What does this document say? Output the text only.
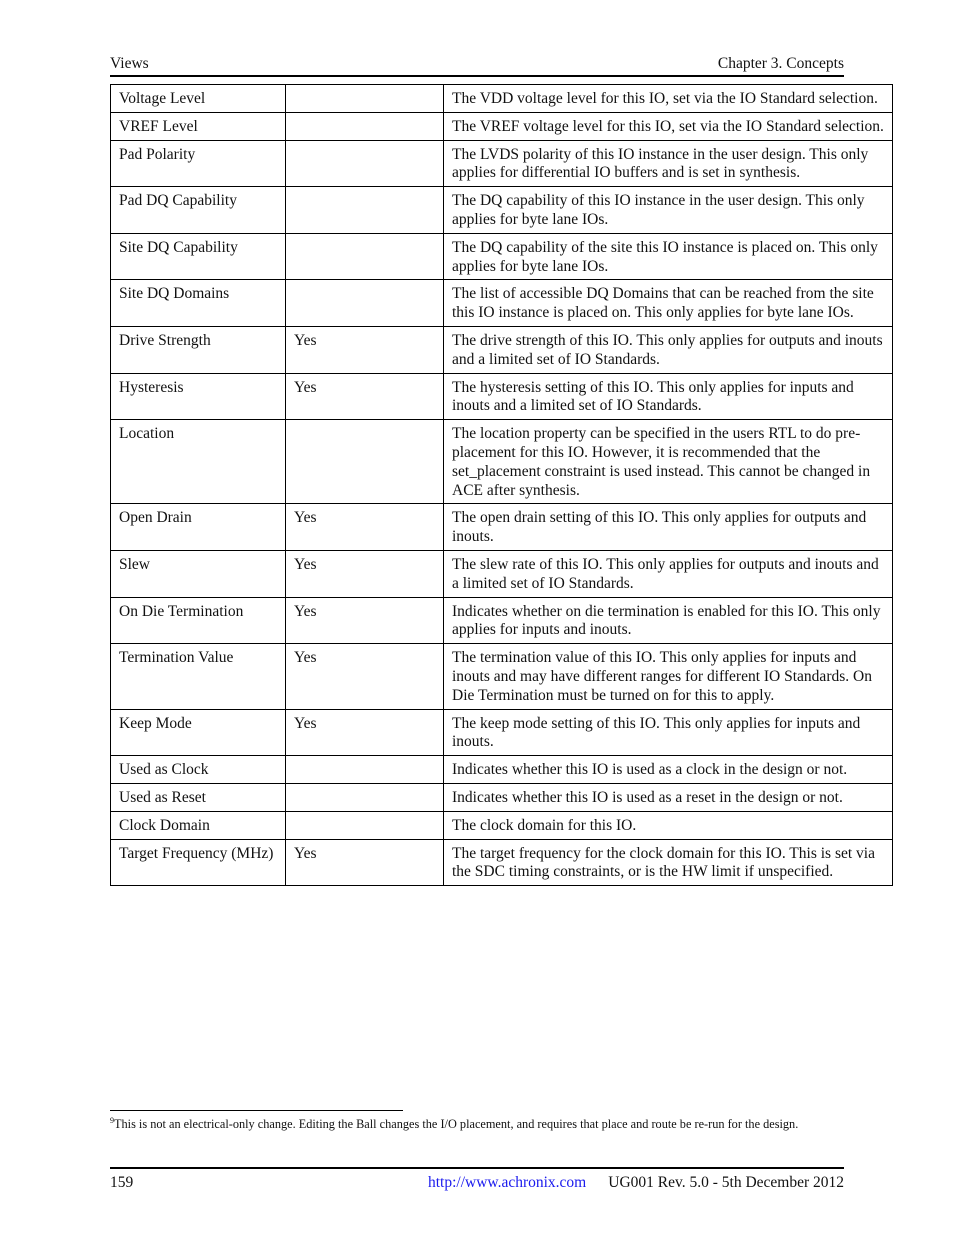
Views	Chapter 3. Concepts
Voltage Level		The VDD voltage level for this IO, set via the IO Standard selection.
VREF Level		The VREF voltage level for this IO, set via the IO Standard selection.
Pad Polarity		The LVDS polarity of this IO instance in the user design. This only applies for differential IO buffers and is set in synthesis.
Pad DQ Capability		The DQ capability of this IO instance in the user design. This only applies for byte lane IOs.
Site DQ Capability		The DQ capability of the site this IO instance is placed on. This only applies for byte lane IOs.
Site DQ Domains		The list of accessible DQ Domains that can be reached from the site this IO instance is placed on. This only applies for byte lane IOs.
Drive Strength	Yes	The drive strength of this IO. This only applies for outputs and inouts and a limited set of IO Standards.
Hysteresis	Yes	The hysteresis setting of this IO. This only applies for inputs and inouts and a limited set of IO Standards.
Location		The location property can be specified in the users RTL to do pre-placement for this IO. However, it is recommended that the set_placement constraint is used instead. This cannot be changed in ACE after synthesis.
Open Drain	Yes	The open drain setting of this IO. This only applies for outputs and inouts.
Slew	Yes	The slew rate of this IO. This only applies for outputs and inouts and a limited set of IO Standards.
On Die Termination	Yes	Indicates whether on die termination is enabled for this IO. This only applies for inputs and inouts.
Termination Value	Yes	The termination value of this IO. This only applies for inputs and inouts and may have different ranges for different IO Standards. On Die Termination must be turned on for this to apply.
Keep Mode	Yes	The keep mode setting of this IO. This only applies for inputs and inouts.
Used as Clock		Indicates whether this IO is used as a clock in the design or not.
Used as Reset		Indicates whether this IO is used as a reset in the design or not.
Clock Domain		The clock domain for this IO.
Target Frequency (MHz)	Yes	The target frequency for the clock domain for this IO. This is set via the SDC timing constraints, or is the HW limit if unspecified.
$^9$This is not an electrical-only change. Editing the Ball changes the I/O placement, and requires that place and route be re-run for the design.
159	http://www.achronix.com UG001 Rev. 5.0 - 5th December 2012
